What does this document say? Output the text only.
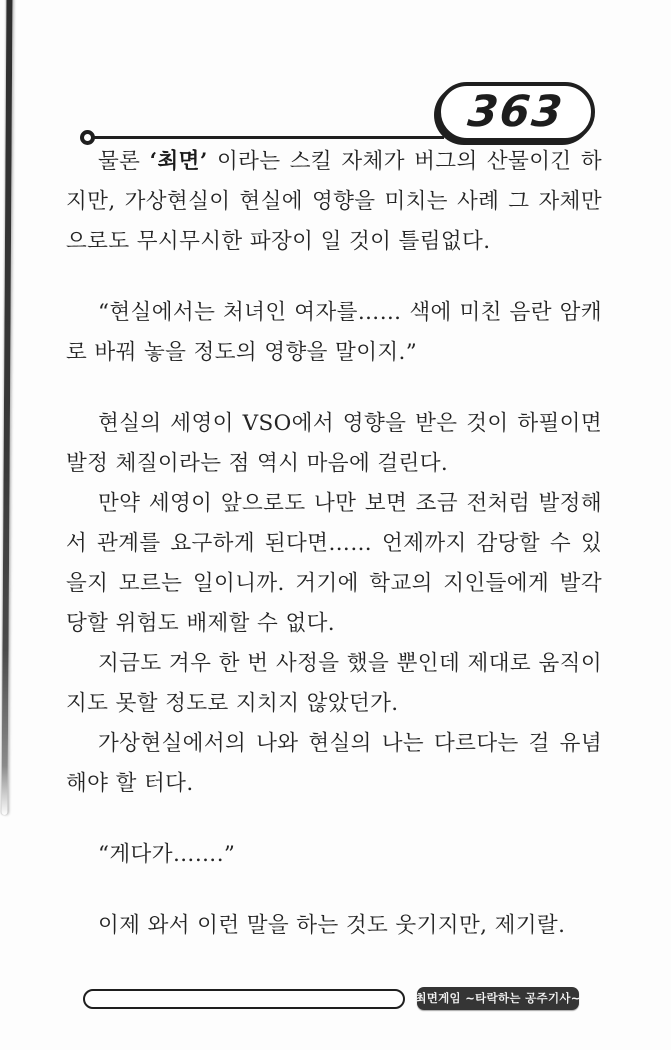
363

물론 ‘최면’ 이라는 스킬 자체가 버그의 산물이긴 하지만, 가상현실이 현실에 영향을 미치는 사례 그 자체만으로도 무시무시한 파장이 일 것이 틀림없다.

“현실에서는 처녀인 여자를…… 색에 미친 음란 암캐로 바꿔 놓을 정도의 영향을 말이지.”

현실의 세영이 VSO에서 영향을 받은 것이 하필이면 발정 체질이라는 점 역시 마음에 걸린다.

만약 세영이 앞으로도 나만 보면 조금 전처럼 발정해서 관계를 요구하게 된다면…… 언제까지 감당할 수 있을지 모르는 일이니까. 거기에 학교의 지인들에게 발각당할 위험도 배제할 수 없다.

지금도 겨우 한 번 사정을 했을 뿐인데 제대로 움직이지도 못할 정도로 지치지 않았던가.

가상현실에서의 나와 현실의 나는 다르다는 걸 유념해야 할 터다.

“게다가…….”

이제 와서 이런 말을 하는 것도 웃기지만, 제기랄.

최면게임 ~타락하는 공주기사~
